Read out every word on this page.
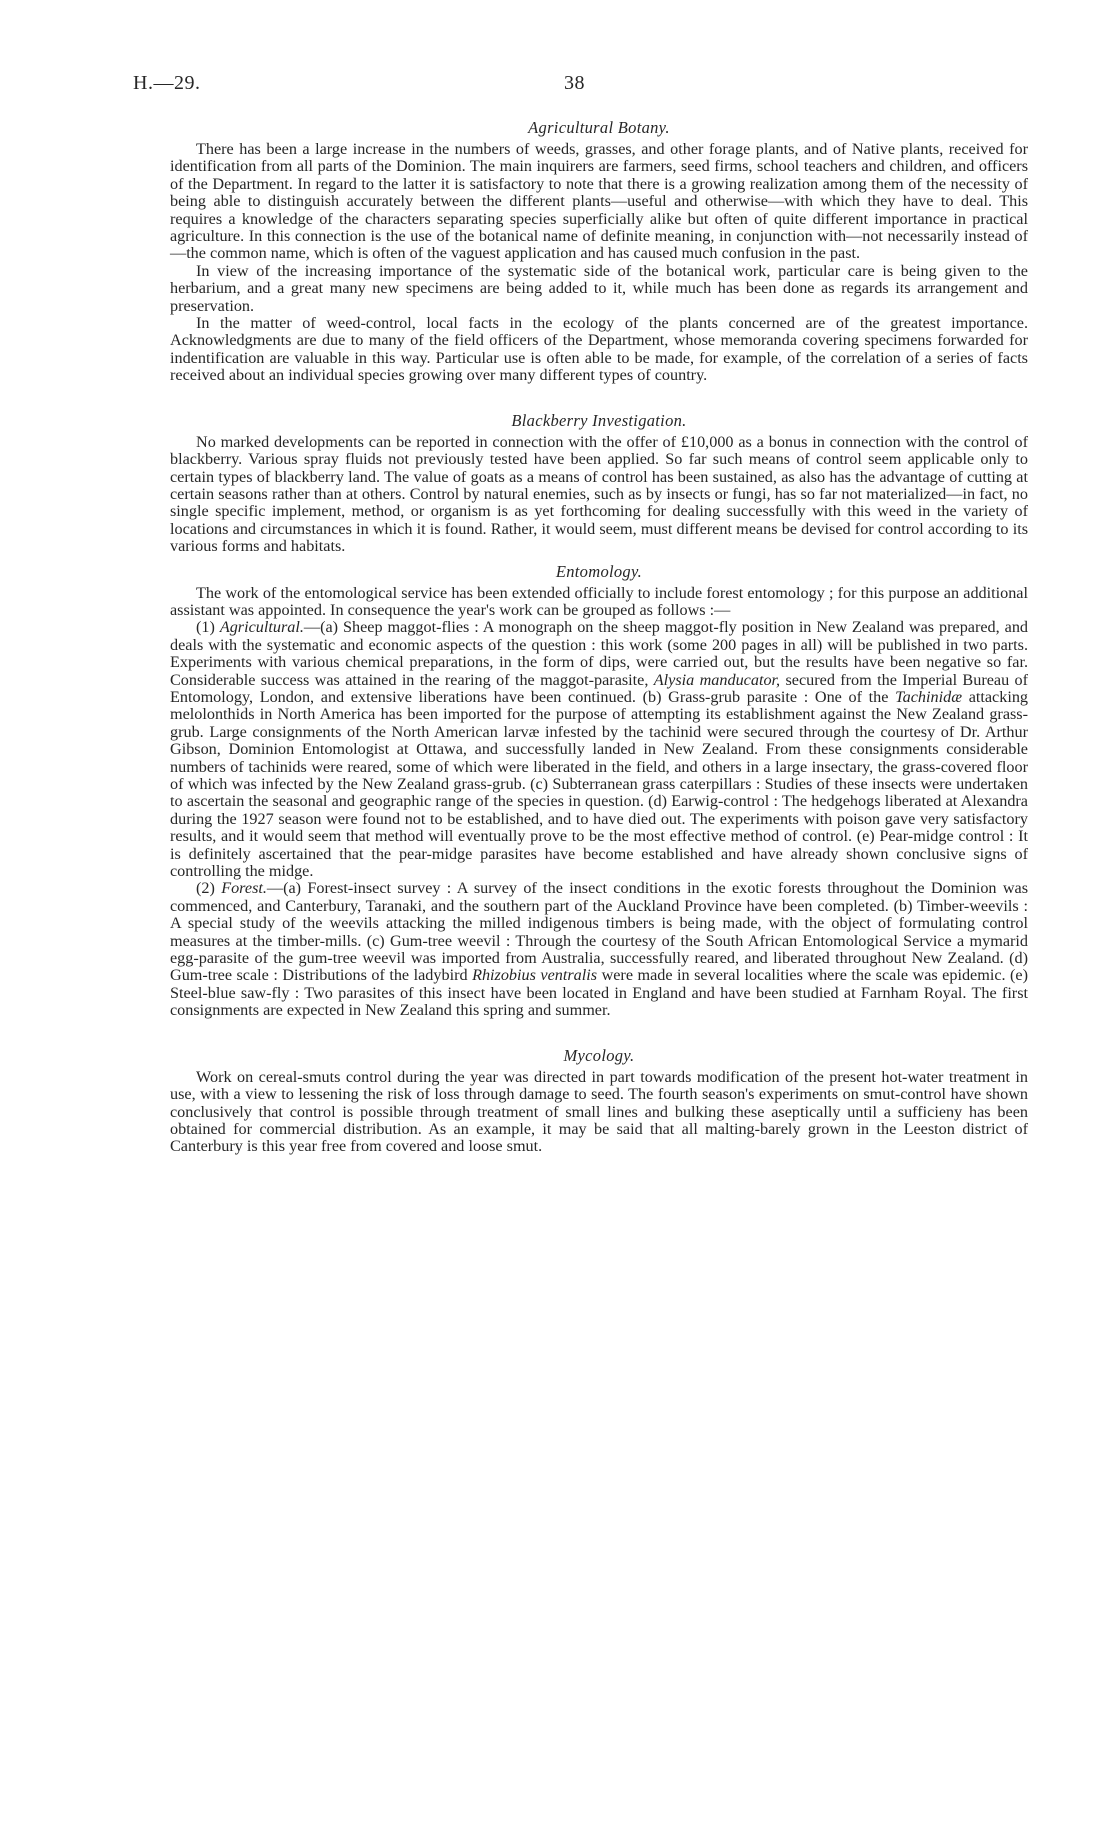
H.—29.	38
Agricultural Botany.

There has been a large increase in the numbers of weeds, grasses, and other forage plants, and of Native plants, received for identification from all parts of the Dominion. The main inquirers are farmers, seed firms, school teachers and children, and officers of the Department. In regard to the latter it is satisfactory to note that there is a growing realization among them of the necessity of being able to distinguish accurately between the different plants—useful and otherwise—with which they have to deal. This requires a knowledge of the characters separating species superficially alike but often of quite different importance in practical agriculture. In this connection is the use of the botanical name of definite meaning, in conjunction with—not necessarily instead of—the common name, which is often of the vaguest application and has caused much confusion in the past.

In view of the increasing importance of the systematic side of the botanical work, particular care is being given to the herbarium, and a great many new specimens are being added to it, while much has been done as regards its arrangement and preservation.

In the matter of weed-control, local facts in the ecology of the plants concerned are of the greatest importance. Acknowledgments are due to many of the field officers of the Department, whose memoranda covering specimens forwarded for indentification are valuable in this way. Particular use is often able to be made, for example, of the correlation of a series of facts received about an individual species growing over many different types of country.

Blackberry Investigation.

No marked developments can be reported in connection with the offer of £10,000 as a bonus in connection with the control of blackberry. Various spray fluids not previously tested have been applied. So far such means of control seem applicable only to certain types of blackberry land. The value of goats as a means of control has been sustained, as also has the advantage of cutting at certain seasons rather than at others. Control by natural enemies, such as by insects or fungi, has so far not materialized—in fact, no single specific implement, method, or organism is as yet forthcoming for dealing successfully with this weed in the variety of locations and circumstances in which it is found. Rather, it would seem, must different means be devised for control according to its various forms and habitats.

Entomology.

The work of the entomological service has been extended officially to include forest entomology ; for this purpose an additional assistant was appointed. In consequence the year's work can be grouped as follows :—

(1) Agricultural.—(a) Sheep maggot-flies : A monograph on the sheep maggot-fly position in New Zealand was prepared, and deals with the systematic and economic aspects of the question : this work (some 200 pages in all) will be published in two parts. Experiments with various chemical preparations, in the form of dips, were carried out, but the results have been negative so far. Considerable success was attained in the rearing of the maggot-parasite, Alysia manducator, secured from the Imperial Bureau of Entomology, London, and extensive liberations have been continued. (b) Grass-grub parasite : One of the Tachinidæ attacking melolonthids in North America has been imported for the purpose of attempting its establishment against the New Zealand grass-grub. Large consignments of the North American larvæ infested by the tachinid were secured through the courtesy of Dr. Arthur Gibson, Dominion Entomologist at Ottawa, and successfully landed in New Zealand. From these consignments considerable numbers of tachinids were reared, some of which were liberated in the field, and others in a large insectary, the grass-covered floor of which was infected by the New Zealand grass-grub. (c) Subterranean grass caterpillars : Studies of these insects were undertaken to ascertain the seasonal and geographic range of the species in question. (d) Earwig-control : The hedgehogs liberated at Alexandra during the 1927 season were found not to be established, and to have died out. The experiments with poison gave very satisfactory results, and it would seem that method will eventually prove to be the most effective method of control. (e) Pear-midge control : It is definitely ascertained that the pear-midge parasites have become established and have already shown conclusive signs of controlling the midge.

(2) Forest.—(a) Forest-insect survey : A survey of the insect conditions in the exotic forests throughout the Dominion was commenced, and Canterbury, Taranaki, and the southern part of the Auckland Province have been completed. (b) Timber-weevils : A special study of the weevils attacking the milled indigenous timbers is being made, with the object of formulating control measures at the timber-mills. (c) Gum-tree weevil : Through the courtesy of the South African Entomological Service a mymarid egg-parasite of the gum-tree weevil was imported from Australia, successfully reared, and liberated throughout New Zealand. (d) Gum-tree scale : Distributions of the ladybird Rhizobius ventralis were made in several localities where the scale was epidemic. (e) Steel-blue saw-fly : Two parasites of this insect have been located in England and have been studied at Farnham Royal. The first consignments are expected in New Zealand this spring and summer.

Mycology.

Work on cereal-smuts control during the year was directed in part towards modification of the present hot-water treatment in use, with a view to lessening the risk of loss through damage to seed. The fourth season's experiments on smut-control have shown conclusively that control is possible through treatment of small lines and bulking these aseptically until a sufficieny has been obtained for commercial distribution. As an example, it may be said that all malting-barely grown in the Leeston district of Canterbury is this year free from covered and loose smut.
